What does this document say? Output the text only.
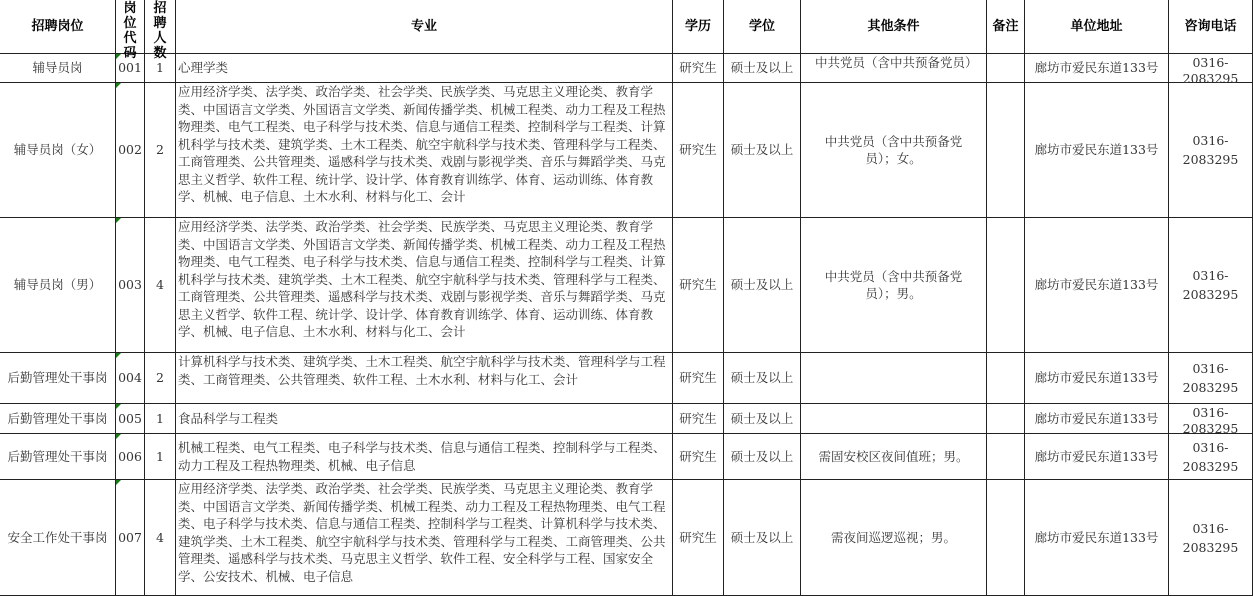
招聘岗位	岗位代码	招聘人数	专业	学历	学位	其他条件	备注	单位地址	咨询电话
辅导员岗	001	1	心理学类	研究生	硕士及以上	中共党员（含中共预备党员）		廊坊市爱民东道133号	0316-2083295

辅导员岗（女）	002	2	应用经济学类、法学类、政治学类、社会学类、民族学类、马克思主义理论类、教育学类、中国语言文学类、外国语言文学类、新闻传播学类、机械工程类、动力工程及工程热物理类、电气工程类、电子科学与技术类、信息与通信工程类、控制科学与工程类、计算机科学与技术类、建筑学类、土木工程类、航空宇航科学与技术类、管理科学与工程类、工商管理类、公共管理类、遥感科学与技术类、戏剧与影视学类、音乐与舞蹈学类、马克思主义哲学、软件工程、统计学、设计学、体育教育训练学、体育、运动训练、体育教学、机械、电子信息、土木水利、材料与化工、会计	研究生	硕士及以上	中共党员（含中共预备党员）；女。		廊坊市爱民东道133号	0316-2083295

辅导员岗（男）	003	4	应用经济学类、法学类、政治学类、社会学类、民族学类、马克思主义理论类、教育学类、中国语言文学类、外国语言文学类、新闻传播学类、机械工程类、动力工程及工程热物理类、电气工程类、电子科学与技术类、信息与通信工程类、控制科学与工程类、计算机科学与技术类、建筑学类、土木工程类、航空宇航科学与技术类、管理科学与工程类、工商管理类、公共管理类、遥感科学与技术类、戏剧与影视学类、音乐与舞蹈学类、马克思主义哲学、软件工程、统计学、设计学、体育教育训练学、体育、运动训练、体育教学、机械、电子信息、土木水利、材料与化工、会计	研究生	硕士及以上	中共党员（含中共预备党员）；男。		廊坊市爱民东道133号	0316-2083295

后勤管理处干事岗	004	2	计算机科学与技术类、建筑学类、土木工程类、航空宇航科学与技术类、管理科学与工程类、工商管理类、公共管理类、软件工程、土木水利、材料与化工、会计	研究生	硕士及以上			廊坊市爱民东道133号	0316-2083295

后勤管理处干事岗	005	1	食品科学与工程类	研究生	硕士及以上			廊坊市爱民东道133号	0316-2083295

后勤管理处干事岗	006	1	机械工程类、电气工程类、电子科学与技术类、信息与通信工程类、控制科学与工程类、动力工程及工程热物理类、机械、电子信息	研究生	硕士及以上	需固安校区夜间值班；男。		廊坊市爱民东道133号	0316-2083295

安全工作处干事岗	007	4	应用经济学类、法学类、政治学类、社会学类、民族学类、马克思主义理论类、教育学类、中国语言文学类、新闻传播学类、机械工程类、动力工程及工程热物理类、电气工程类、电子科学与技术类、信息与通信工程类、控制科学与工程类、计算机科学与技术类、建筑学类、土木工程类、航空宇航科学与技术类、管理科学与工程类、工商管理类、公共管理类、遥感科学与技术类、马克思主义哲学、软件工程、安全科学与工程、国家安全学、公安技术、机械、电子信息	研究生	硕士及以上	需夜间巡逻巡视；男。		廊坊市爱民东道133号	0316-2083295
